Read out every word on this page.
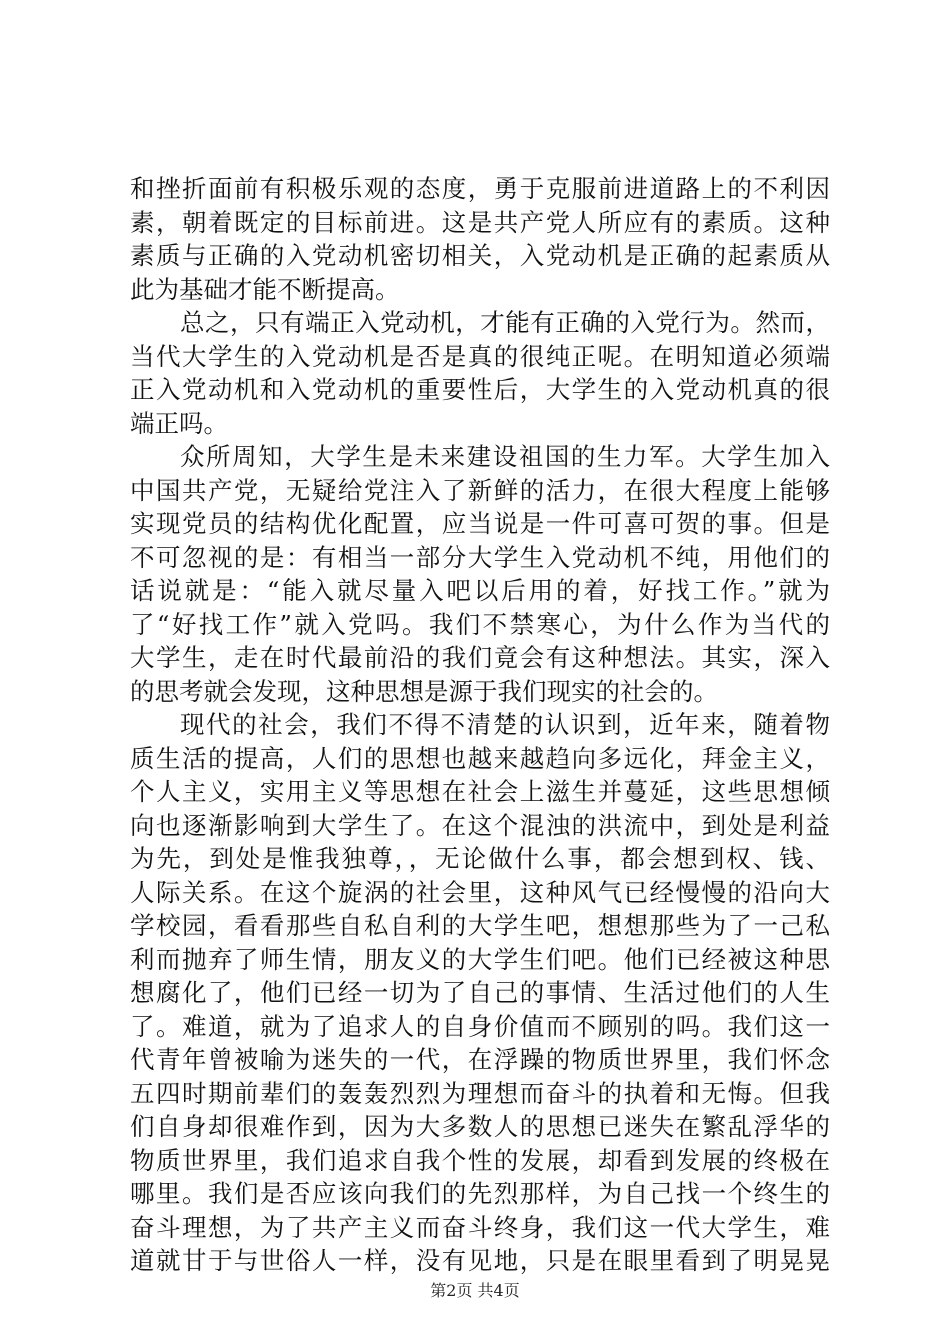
和挫折面前有积极乐观的态度，勇于克服前进道路上的不利因
素，朝着既定的目标前进。这是共产党人所应有的素质。这种
素质与正确的入党动机密切相关，入党动机是正确的起素质从
此为基础才能不断提高。
总之，只有端正入党动机，才能有正确的入党行为。然而，
当代大学生的入党动机是否是真的很纯正呢。在明知道必须端
正入党动机和入党动机的重要性后，大学生的入党动机真的很
端正吗。
众所周知，大学生是未来建设祖国的生力军。大学生加入
中国共产党，无疑给党注入了新鲜的活力，在很大程度上能够
实现党员的结构优化配置，应当说是一件可喜可贺的事。但是
不可忽视的是：有相当一部分大学生入党动机不纯，用他们的
话说就是：“能入就尽量入吧以后用的着，好找工作。”就为
了“好找工作”就入党吗。我们不禁寒心，为什么作为当代的
大学生，走在时代最前沿的我们竟会有这种想法。其实，深入
的思考就会发现，这种思想是源于我们现实的社会的。
现代的社会，我们不得不清楚的认识到，近年来，随着物
质生活的提高，人们的思想也越来越趋向多远化，拜金主义，
个人主义，实用主义等思想在社会上滋生并蔓延，这些思想倾
向也逐渐影响到大学生了。在这个混浊的洪流中，到处是利益
为先，到处是惟我独尊，，无论做什么事，都会想到权、钱、
人际关系。在这个旋涡的社会里，这种风气已经慢慢的沿向大
学校园，看看那些自私自利的大学生吧，想想那些为了一己私
利而抛弃了师生情，朋友义的大学生们吧。他们已经被这种思
想腐化了，他们已经一切为了自己的事情、生活过他们的人生
了。难道，就为了追求人的自身价值而不顾别的吗。我们这一
代青年曾被喻为迷失的一代，在浮躁的物质世界里，我们怀念
五四时期前辈们的轰轰烈烈为理想而奋斗的执着和无悔。但我
们自身却很难作到，因为大多数人的思想已迷失在繁乱浮华的
物质世界里，我们追求自我个性的发展，却看到发展的终极在
哪里。我们是否应该向我们的先烈那样，为自己找一个终生的
奋斗理想，为了共产主义而奋斗终身，我们这一代大学生，难
道就甘于与世俗人一样，没有见地，只是在眼里看到了明晃晃
第2页 共4页
